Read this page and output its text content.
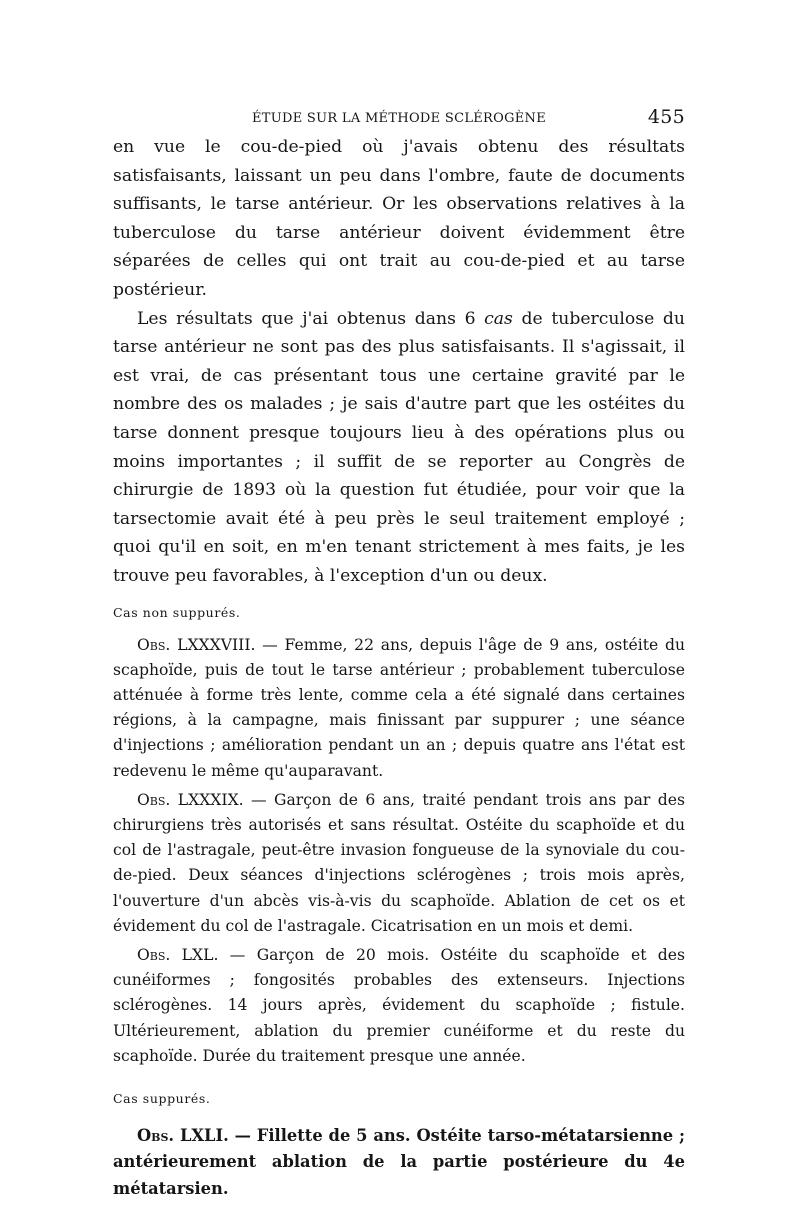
ÉTUDE SUR LA MÉTHODE SCLÉROGÈNE	455

en vue le cou-de-pied où j'avais obtenu des résultats satisfaisants, laissant un peu dans l'ombre, faute de documents suffisants, le tarse antérieur. Or les observations relatives à la tuberculose du tarse antérieur doivent évidemment être séparées de celles qui ont trait au cou-de-pied et au tarse postérieur.

Les résultats que j'ai obtenus dans 6 cas de tuberculose du tarse antérieur ne sont pas des plus satisfaisants. Il s'agissait, il est vrai, de cas présentant tous une certaine gravité par le nombre des os malades ; je sais d'autre part que les ostéites du tarse donnent presque toujours lieu à des opérations plus ou moins importantes ; il suffit de se reporter au Congrès de chirurgie de 1893 où la question fut étudiée, pour voir que la tarsectomie avait été à peu près le seul traitement employé ; quoi qu'il en soit, en m'en tenant strictement à mes faits, je les trouve peu favorables, à l'exception d'un ou deux.

Cas non suppurés.

Obs. LXXXVIII. — Femme, 22 ans, depuis l'âge de 9 ans, ostéite du scaphoïde, puis de tout le tarse antérieur ; probablement tuberculose atténuée à forme très lente, comme cela a été signalé dans certaines régions, à la campagne, mais finissant par suppurer ; une séance d'injections ; amélioration pendant un an ; depuis quatre ans l'état est redevenu le même qu'auparavant.

Obs. LXXXIX. — Garçon de 6 ans, traité pendant trois ans par des chirurgiens très autorisés et sans résultat. Ostéite du scaphoïde et du col de l'astragale, peut-être invasion fongueuse de la synoviale du cou-de-pied. Deux séances d'injections sclérogènes ; trois mois après, l'ouverture d'un abcès vis-à-vis du scaphoïde. Ablation de cet os et évidement du col de l'astragale. Cicatrisation en un mois et demi.

Obs. LXL. — Garçon de 20 mois. Ostéite du scaphoïde et des cunéiformes ; fongosités probables des extenseurs. Injections sclérogènes. 14 jours après, évidement du scaphoïde ; fistule. Ultérieurement, ablation du premier cunéiforme et du reste du scaphoïde. Durée du traitement presque une année.

Cas suppurés.

Obs. LXLI. — Fillette de 5 ans. Ostéite tarso-métatarsienne ; antérieurement ablation de la partie postérieure du 4e métatarsien.
